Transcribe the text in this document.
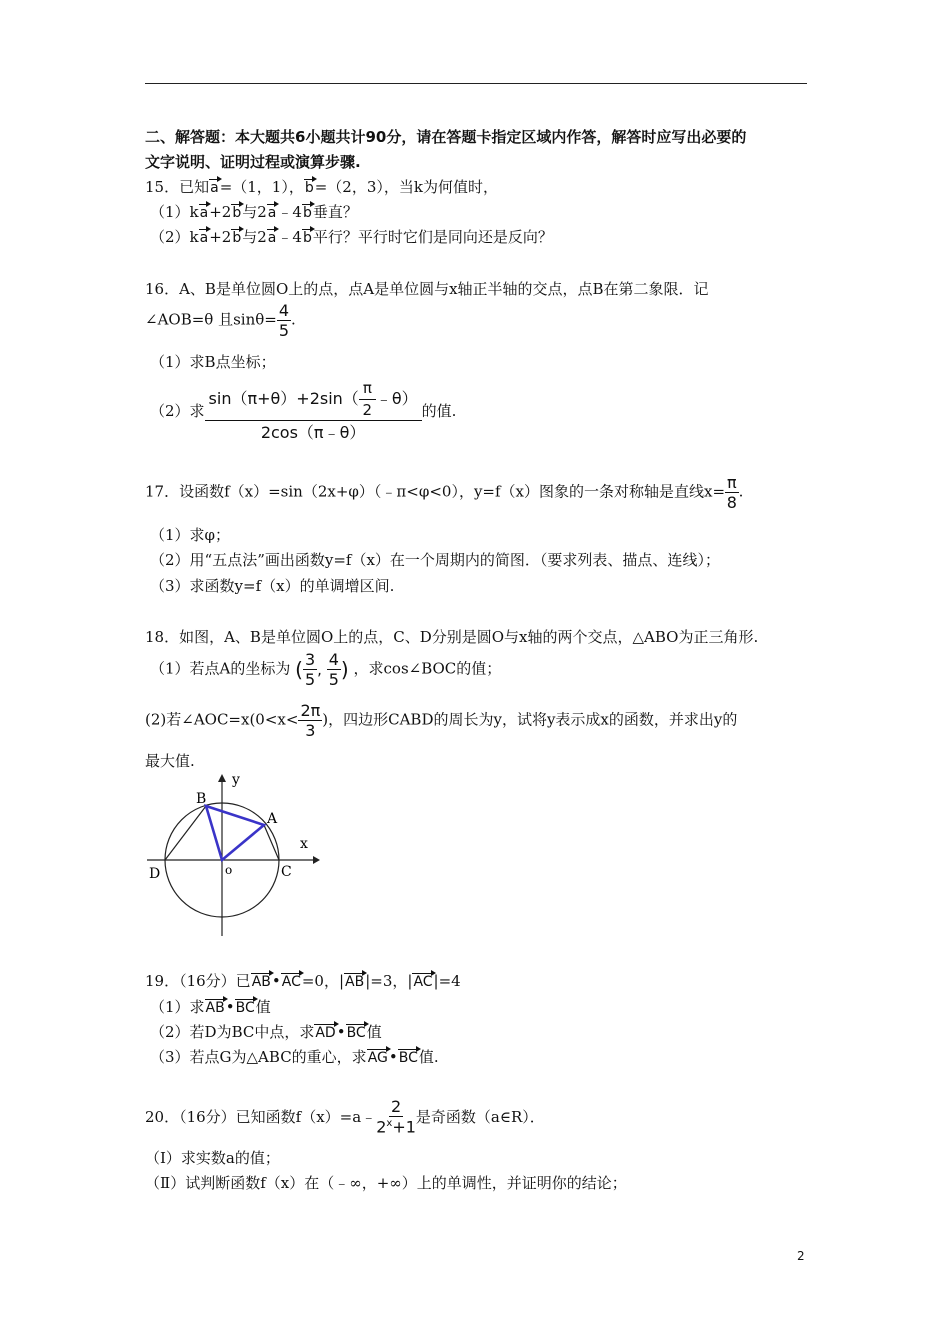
二、解答题：本大题共6小题共计90分，请在答题卡指定区域内作答，解答时应写出必要的
文字说明、证明过程或演算步骤.
15．已知a=（1，1），b=（2，3），当k为何值时，
（1）ka+2b与2a﹣4b垂直？
（2）ka+2b与2a﹣4b平行？平行时它们是同向还是反向？
16．A、B是单位圆O上的点，点A是单位圆与x轴正半轴的交点，点B在第二象限．记
∠AOB=θ 且$\sin\theta= \frac{4}{5}$ .
（1）求B点坐标；
（2）求 $\frac{\sin(\pi+\theta)+2\sin( \frac{\pi}{2} ﹣\theta)}{2\cos(\pi﹣\theta)}$ 的值.
17．设函数f（x）=sin（2x+φ）（﹣π<φ<0），y=f（x）图象的一条对称轴是直线$x= \frac{\pi}{8}$ .
（1）求φ；
（2）用“五点法”画出函数y=f（x）在一个周期内的简图．（要求列表、描点、连线）；
（3）求函数y=f（x）的单调增区间.
18．如图，A、B是单位圆O上的点，C、D分别是圆O与x轴的两个交点，△ABO为正三角形.
（1）若点A的坐标为 ( $\frac{3}{5}$ , $\frac{4}{5}$ ) ，求cos∠BOC的值；
(2)若∠AOC=x(0<x< $\frac{2\pi}{3}$ )，四边形CABD的周长为y，试将y表示成x的函数，并求出y的
最大值.
y
x
B
A
D	C
o
19．（16分）已AB•AC=0，|AB|=3，|AC|=4
（1）求AB•BC值
（2）若D为BC中点，求AD•BC值
（3）若点G为△ABC的重心，求AG•BC值.
20．（16分）已知函数f（x）=a﹣ $\frac{2}{2^x+1}$ 是奇函数（a∈R）．
（Ⅰ）求实数a的值；
（Ⅱ）试判断函数f（x）在（﹣∞，+∞）上的单调性，并证明你的结论；
2
